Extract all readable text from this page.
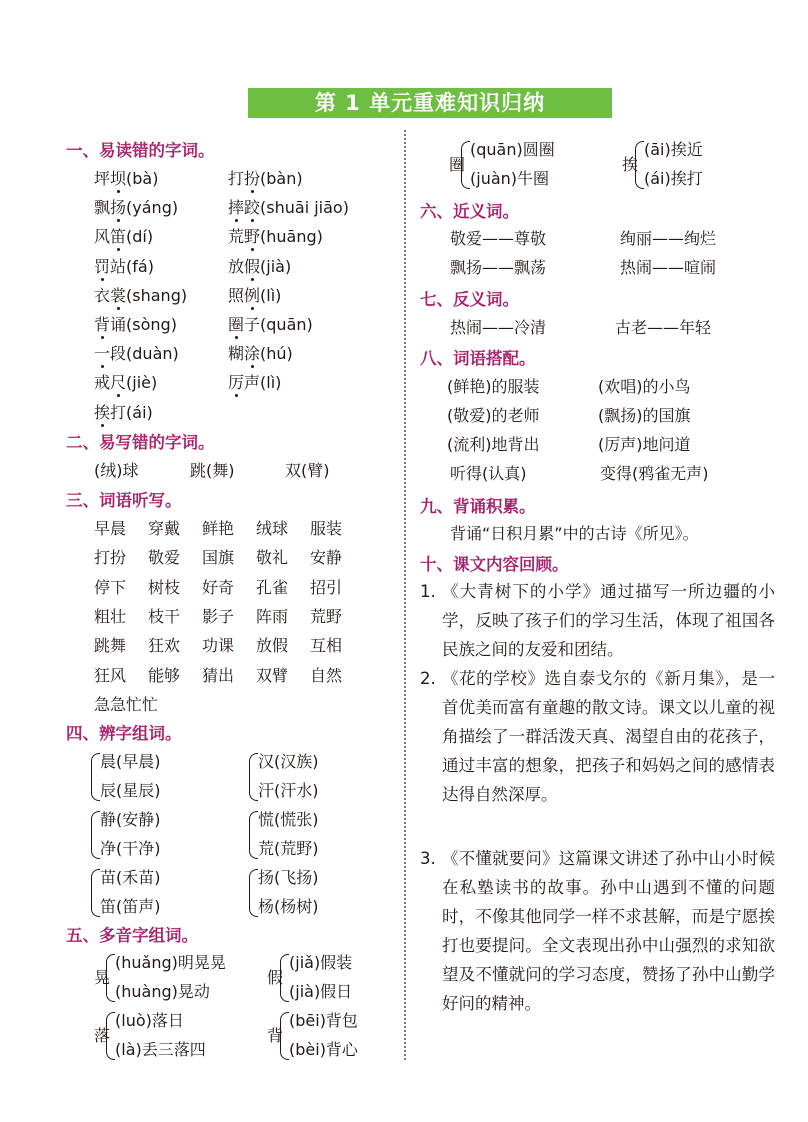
第 1 单元重难知识归纳
一、易读错的字词。
坪坝(bà)	打扮(bàn)
飘扬(yáng)	摔跤(shuāi jiāo)
风笛(dí)	荒野(huāng)
罚站(fá)	放假(jià)
衣裳(shang)	照例(lì)
背诵(sòng)	圈子(quān)
一段(duàn)	糊涂(hú)
戒尺(jiè)	厉声(lì)
挨打(ái)
二、易写错的字词。
(绒)球	跳(舞)	双(臂)
三、词语听写。
早晨 穿戴 鲜艳 绒球 服装
打扮 敬爱 国旗 敬礼 安静
停下 树枝 好奇 孔雀 招引
粗壮 枝干 影子 阵雨 荒野
跳舞 狂欢 功课 放假 互相
狂风 能够 猜出 双臂 自然
急急忙忙
四、辨字组词。
晨(早晨)
辰(星辰)
汉(汉族)
汗(汗水)
静(安静)
净(干净)
慌(慌张)
荒(荒野)
苗(禾苗)
笛(笛声)
扬(飞扬)
杨(杨树)
五、多音字组词。
晃
(huǎng)明晃晃
(huàng)晃动
假
(jiǎ)假装
(jià)假日
落
(luò)落日
(là)丢三落四
背
(bēi)背包
(bèi)背心
圈
(quān)圆圈
(juàn)牛圈
挨
(āi)挨近
(ái)挨打
六、近义词。
敬爱——尊敬	绚丽——绚烂
飘扬——飘荡	热闹——喧闹
七、反义词。
热闹——冷清	古老——年轻
八、词语搭配。
(鲜艳)的服装	(欢唱)的小鸟
(敬爱)的老师	(飘扬)的国旗
(流利)地背出	(厉声)地问道
听得(认真)	变得(鸦雀无声)
九、背诵积累。
背诵“日积月累”中的古诗《所见》。
十、课文内容回顾。
1. 《大青树下的小学》通过描写一所边疆的小学，反映了孩子们的学习生活，体现了祖国各民族之间的友爱和团结。
2. 《花的学校》选自泰戈尔的《新月集》，是一首优美而富有童趣的散文诗。课文以儿童的视角描绘了一群活泼天真、渴望自由的花孩子，通过丰富的想象，把孩子和妈妈之间的感情表达得自然深厚。
3. 《不懂就要问》这篇课文讲述了孙中山小时候在私塾读书的故事。孙中山遇到不懂的问题时，不像其他同学一样不求甚解，而是宁愿挨打也要提问。全文表现出孙中山强烈的求知欲望及不懂就问的学习态度，赞扬了孙中山勤学好问的精神。
